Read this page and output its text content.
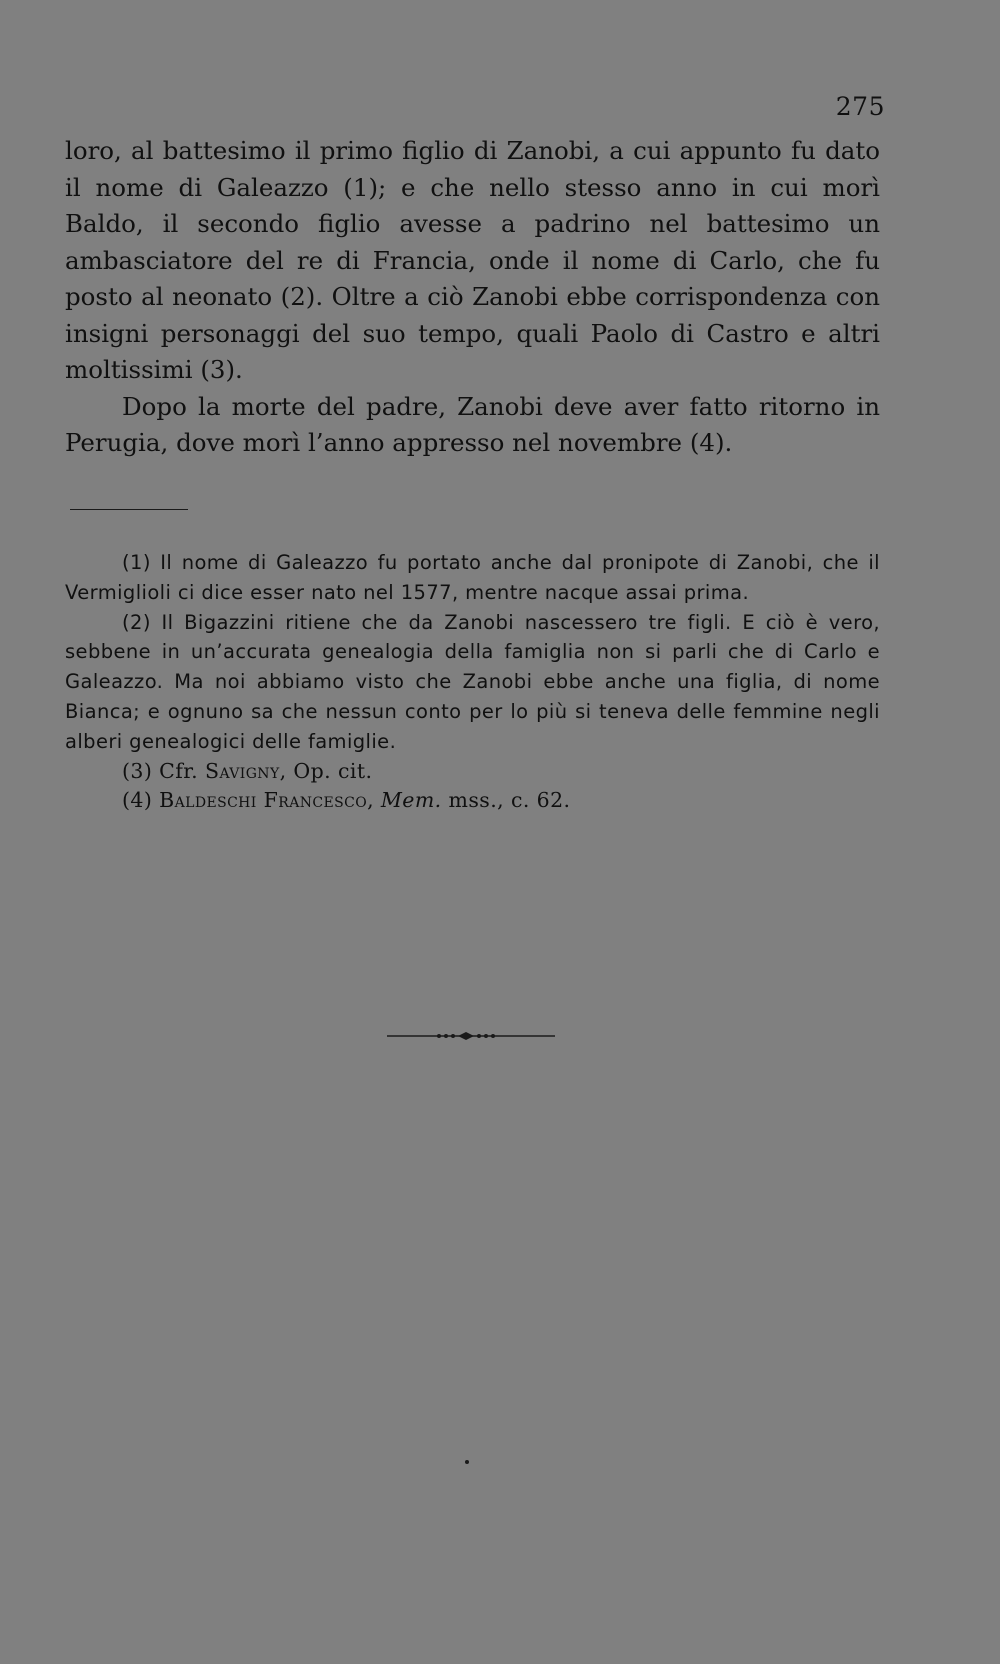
275

loro, al battesimo il primo figlio di Zanobi, a cui appunto fu dato il nome di Galeazzo (1); e che nello stesso anno in cui morì Baldo, il secondo figlio avesse a padrino nel battesimo un ambasciatore del re di Francia, onde il nome di Carlo, che fu posto al neonato (2). Oltre a ciò Zanobi ebbe corrispondenza con insigni personaggi del suo tempo, quali Paolo di Castro e altri moltissimi (3).

Dopo la morte del padre, Zanobi deve aver fatto ritorno in Perugia, dove morì l’anno appresso nel novembre (4).

(1) Il nome di Galeazzo fu portato anche dal pronipote di Zanobi, che il Vermiglioli ci dice esser nato nel 1577, mentre nacque assai prima.

(2) Il Bigazzini ritiene che da Zanobi nascessero tre figli. E ciò è vero, sebbene in un’accurata genealogia della famiglia non si parli che di Carlo e Galeazzo. Ma noi abbiamo visto che Zanobi ebbe anche una figlia, di nome Bianca; e ognuno sa che nessun conto per lo più si teneva delle femmine negli alberi genealogici delle famiglie.

(3) Cfr. Savigny, Op. cit.

(4) Baldeschi Francesco, Mem. mss., c. 62.
